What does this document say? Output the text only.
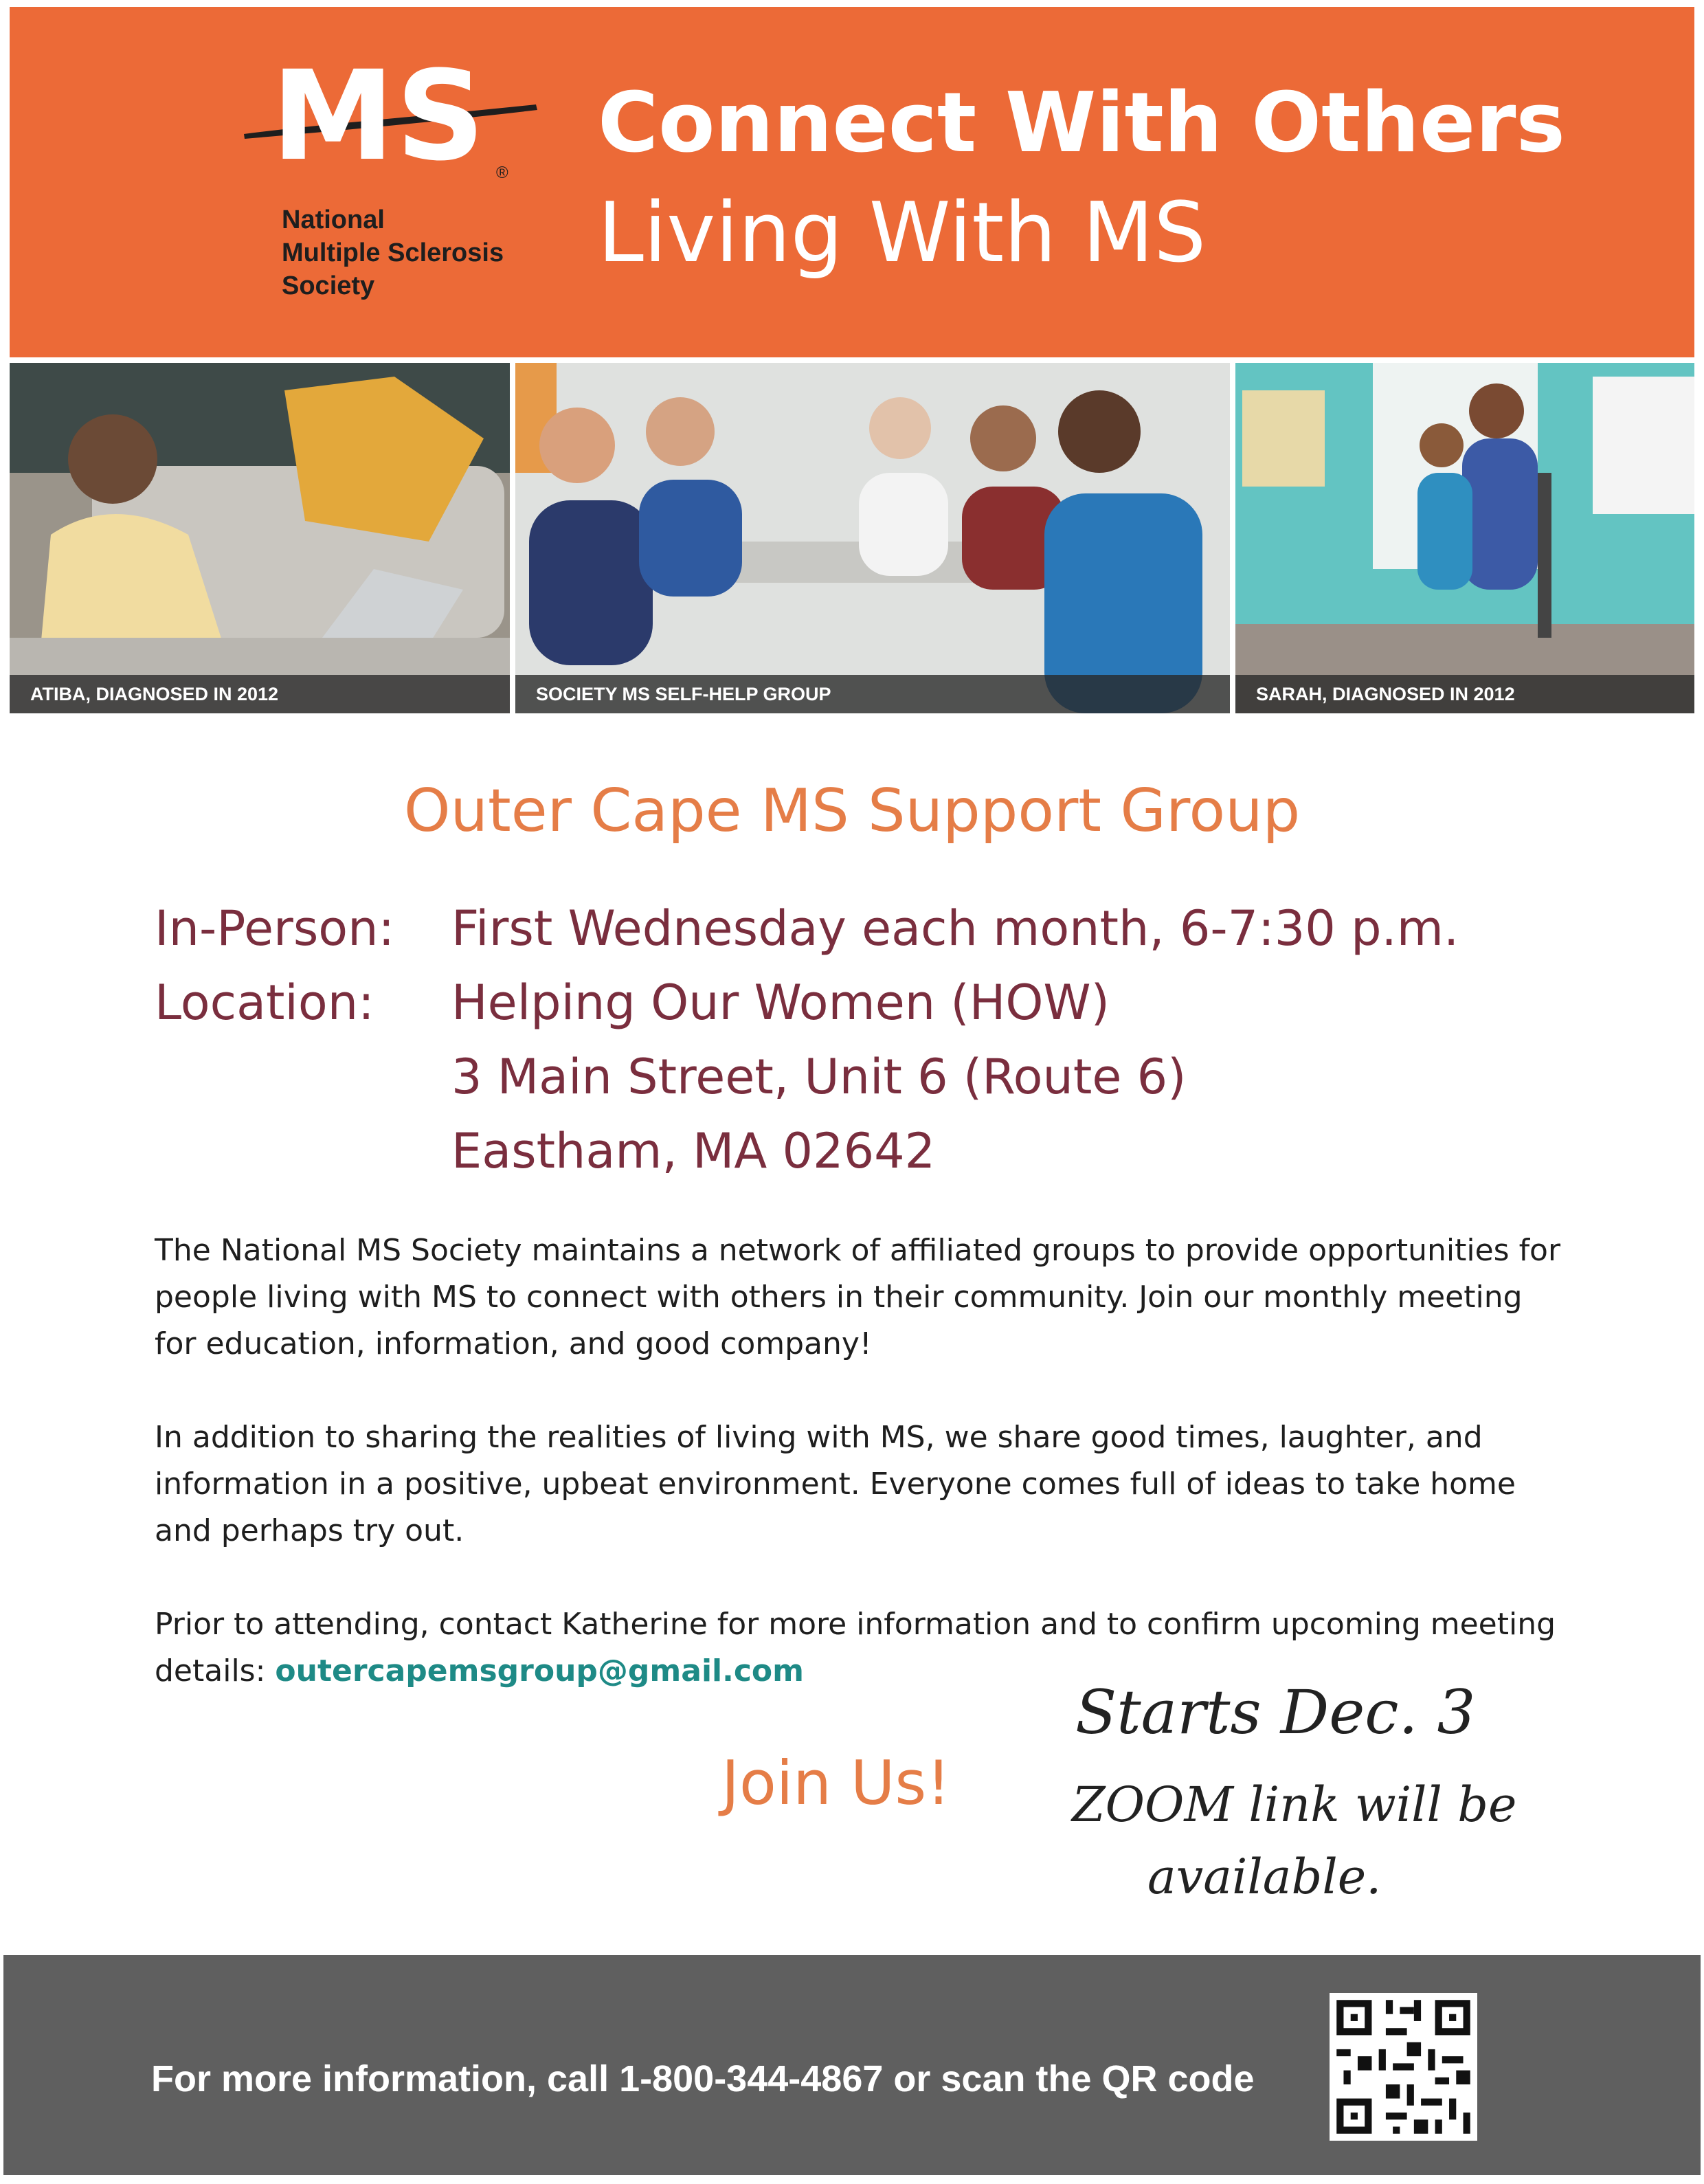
MS ®
National
Multiple Sclerosis
Society
Connect With Others
Living With MS
ATIBA, DIAGNOSED IN 2012	SOCIETY MS SELF-HELP GROUP	SARAH, DIAGNOSED IN 2012
Outer Cape MS Support Group
In-Person: First Wednesday each month, 6-7:30 p.m.
Location: Helping Our Women (HOW)
3 Main Street, Unit 6 (Route 6)
Eastham, MA 02642
The National MS Society maintains a network of affiliated groups to provide opportunities for people living with MS to connect with others in their community. Join our monthly meeting for education, information, and good company!
In addition to sharing the realities of living with MS, we share good times, laughter, and information in a positive, upbeat environment. Everyone comes full of ideas to take home and perhaps try out.
Prior to attending, contact Katherine for more information and to confirm upcoming meeting details: outercapemsgroup@gmail.com
Join Us!
Starts Dec. 3
ZOOM link will be
available.
For more information, call 1-800-344-4867 or scan the QR code
